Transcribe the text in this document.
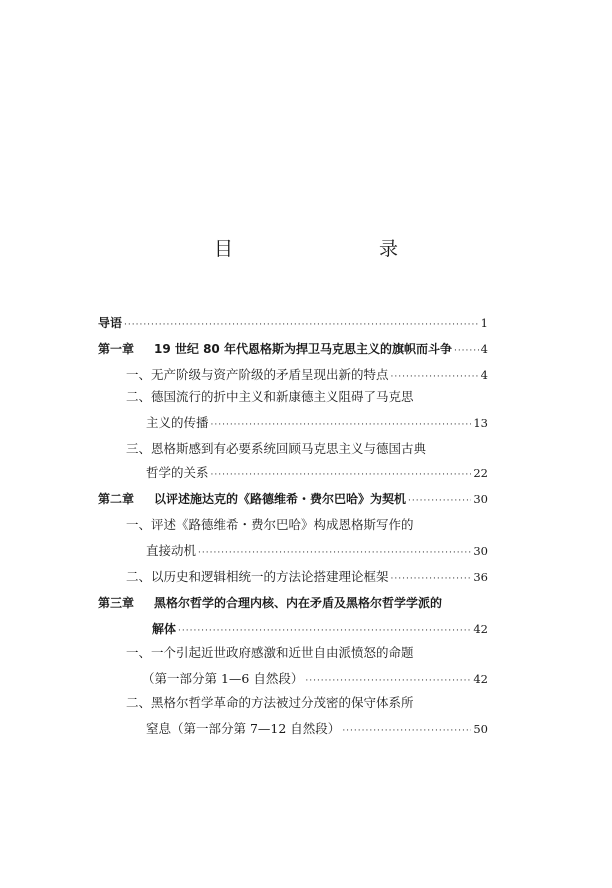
目　　录
导语 ·····	1
第一章 19 世纪 80 年代恩格斯为捍卫马克思主义的旗帜而斗争 ····· 4
一、无产阶级与资产阶级的矛盾呈现出新的特点 ·····	4
二、德国流行的折中主义和新康德主义阻碍了马克思
主义的传播 ·····	13
三、恩格斯感到有必要系统回顾马克思主义与德国古典
哲学的关系 ·····	22
第二章 以评述施达克的《路德维希・费尔巴哈》为契机 ·····	30
一、评述《路德维希・费尔巴哈》构成恩格斯写作的
直接动机 ·····	30
二、以历史和逻辑相统一的方法论搭建理论框架 ·····	36
第三章 黑格尔哲学的合理内核、内在矛盾及黑格尔哲学学派的
解体 ·····	42
一、一个引起近世政府感激和近世自由派愤怒的命题
（第一部分第 1—6 自然段） ·····	42
二、黑格尔哲学革命的方法被过分茂密的保守体系所
窒息（第一部分第 7—12 自然段） ·····	50
